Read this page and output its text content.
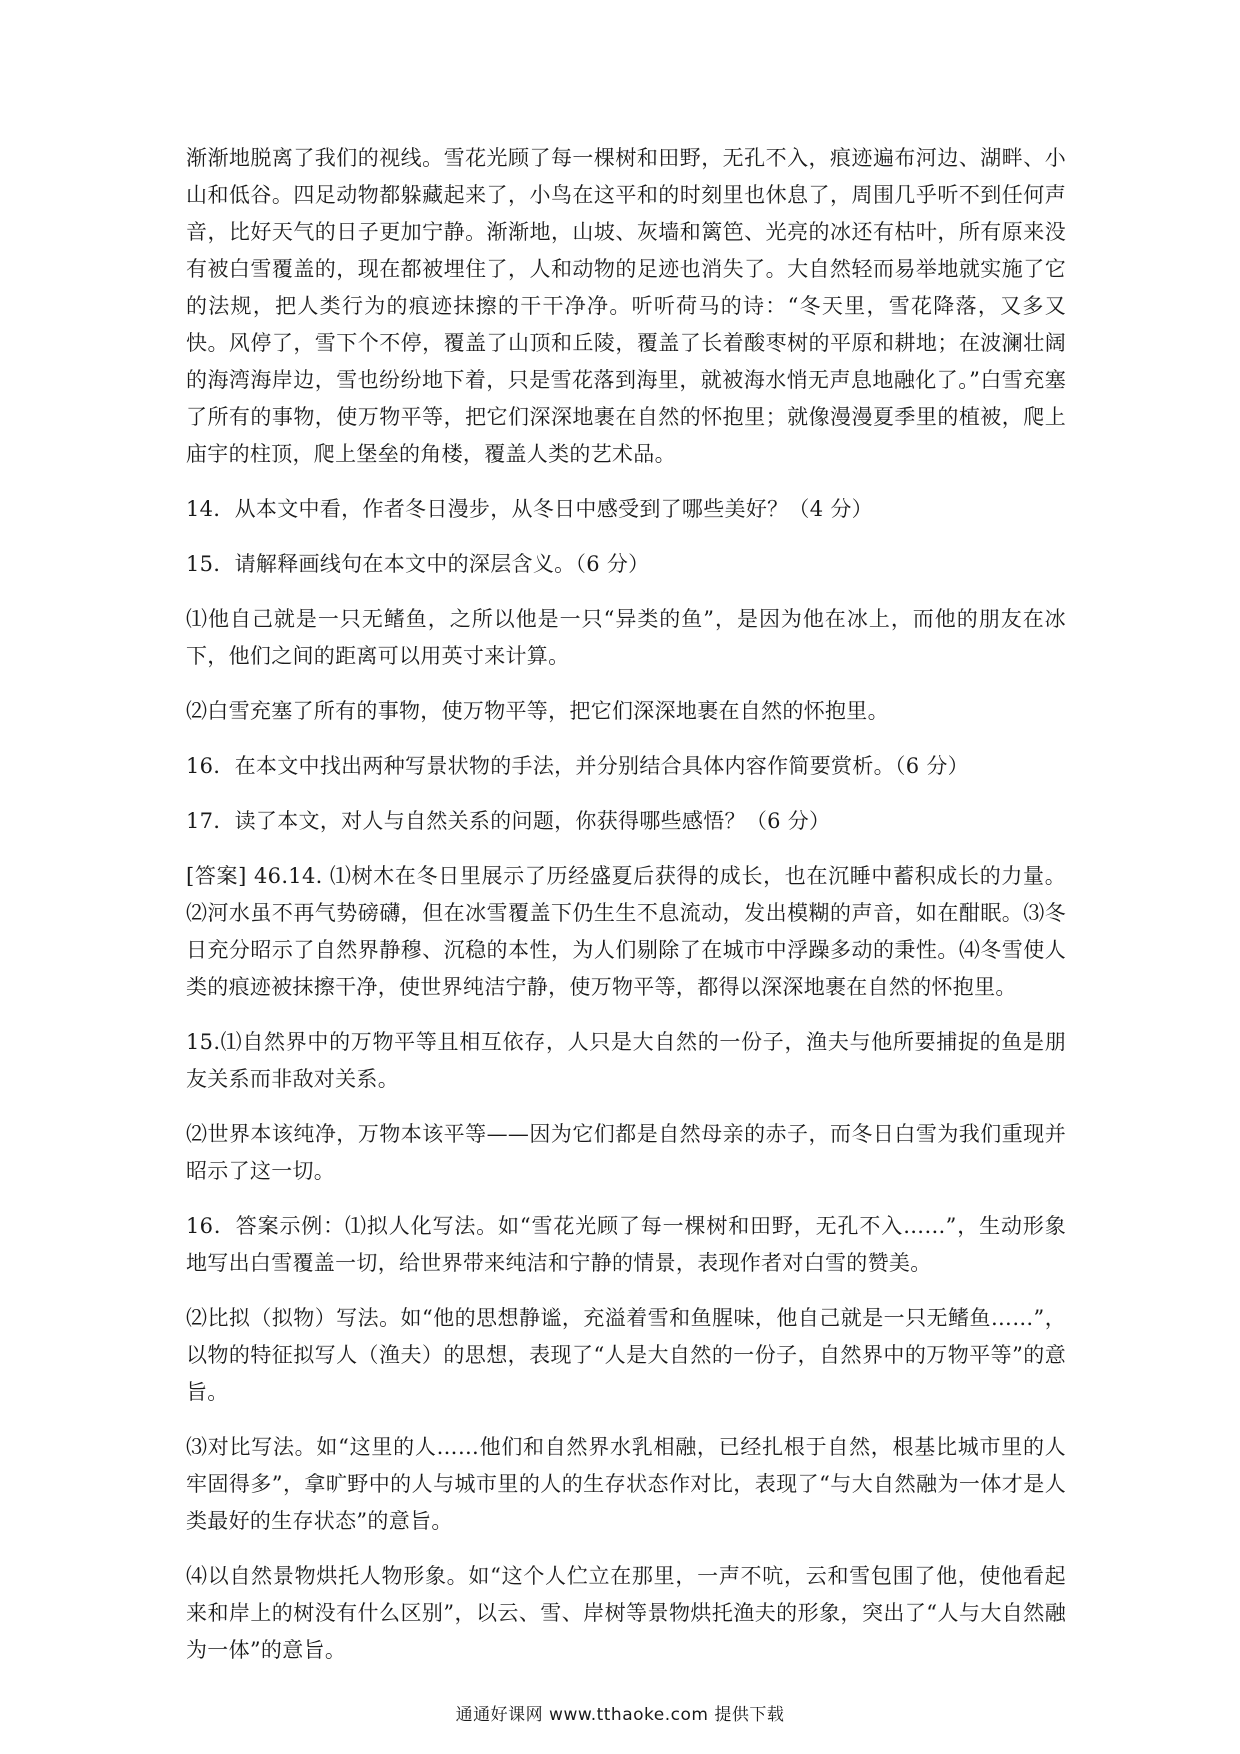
渐渐地脱离了我们的视线。雪花光顾了每一棵树和田野，无孔不入，痕迹遍布河边、湖畔、小山和低谷。四足动物都躲藏起来了，小鸟在这平和的时刻里也休息了，周围几乎听不到任何声音，比好天气的日子更加宁静。渐渐地，山坡、灰墙和篱笆、光亮的冰还有枯叶，所有原来没有被白雪覆盖的，现在都被埋住了，人和动物的足迹也消失了。大自然轻而易举地就实施了它的法规，把人类行为的痕迹抹擦的干干净净。听听荷马的诗：“冬天里，雪花降落，又多又快。风停了，雪下个不停，覆盖了山顶和丘陵，覆盖了长着酸枣树的平原和耕地；在波澜壮阔的海湾海岸边，雪也纷纷地下着，只是雪花落到海里，就被海水悄无声息地融化了。”白雪充塞了所有的事物，使万物平等，把它们深深地裹在自然的怀抱里；就像漫漫夏季里的植被，爬上庙宇的柱顶，爬上堡垒的角楼，覆盖人类的艺术品。

14．从本文中看，作者冬日漫步，从冬日中感受到了哪些美好？（4 分）

15．请解释画线句在本文中的深层含义。（6 分）

⑴他自己就是一只无鳍鱼，之所以他是一只“异类的鱼”，是因为他在冰上，而他的朋友在冰下，他们之间的距离可以用英寸来计算。

⑵白雪充塞了所有的事物，使万物平等，把它们深深地裹在自然的怀抱里。

16．在本文中找出两种写景状物的手法，并分别结合具体内容作简要赏析。（6 分）

17．读了本文，对人与自然关系的问题，你获得哪些感悟？（6 分）

[答案] 46.14. ⑴树木在冬日里展示了历经盛夏后获得的成长，也在沉睡中蓄积成长的力量。⑵河水虽不再气势磅礴，但在冰雪覆盖下仍生生不息流动，发出模糊的声音，如在酣眠。⑶冬日充分昭示了自然界静穆、沉稳的本性，为人们剔除了在城市中浮躁多动的秉性。⑷冬雪使人类的痕迹被抹擦干净，使世界纯洁宁静，使万物平等，都得以深深地裹在自然的怀抱里。

15.⑴自然界中的万物平等且相互依存，人只是大自然的一份子，渔夫与他所要捕捉的鱼是朋友关系而非敌对关系。

⑵世界本该纯净，万物本该平等——因为它们都是自然母亲的赤子，而冬日白雪为我们重现并昭示了这一切。

16．答案示例：⑴拟人化写法。如“雪花光顾了每一棵树和田野，无孔不入……”，生动形象地写出白雪覆盖一切，给世界带来纯洁和宁静的情景，表现作者对白雪的赞美。

⑵比拟（拟物）写法。如“他的思想静谧，充溢着雪和鱼腥味，他自己就是一只无鳍鱼……”，以物的特征拟写人（渔夫）的思想，表现了“人是大自然的一份子，自然界中的万物平等”的意旨。

⑶对比写法。如“这里的人……他们和自然界水乳相融，已经扎根于自然，根基比城市里的人牢固得多”，拿旷野中的人与城市里的人的生存状态作对比，表现了“与大自然融为一体才是人类最好的生存状态”的意旨。

⑷以自然景物烘托人物形象。如“这个人伫立在那里，一声不吭，云和雪包围了他，使他看起来和岸上的树没有什么区别”，以云、雪、岸树等景物烘托渔夫的形象，突出了“人与大自然融为一体”的意旨。

通通好课网 www.tthaoke.com 提供下载
